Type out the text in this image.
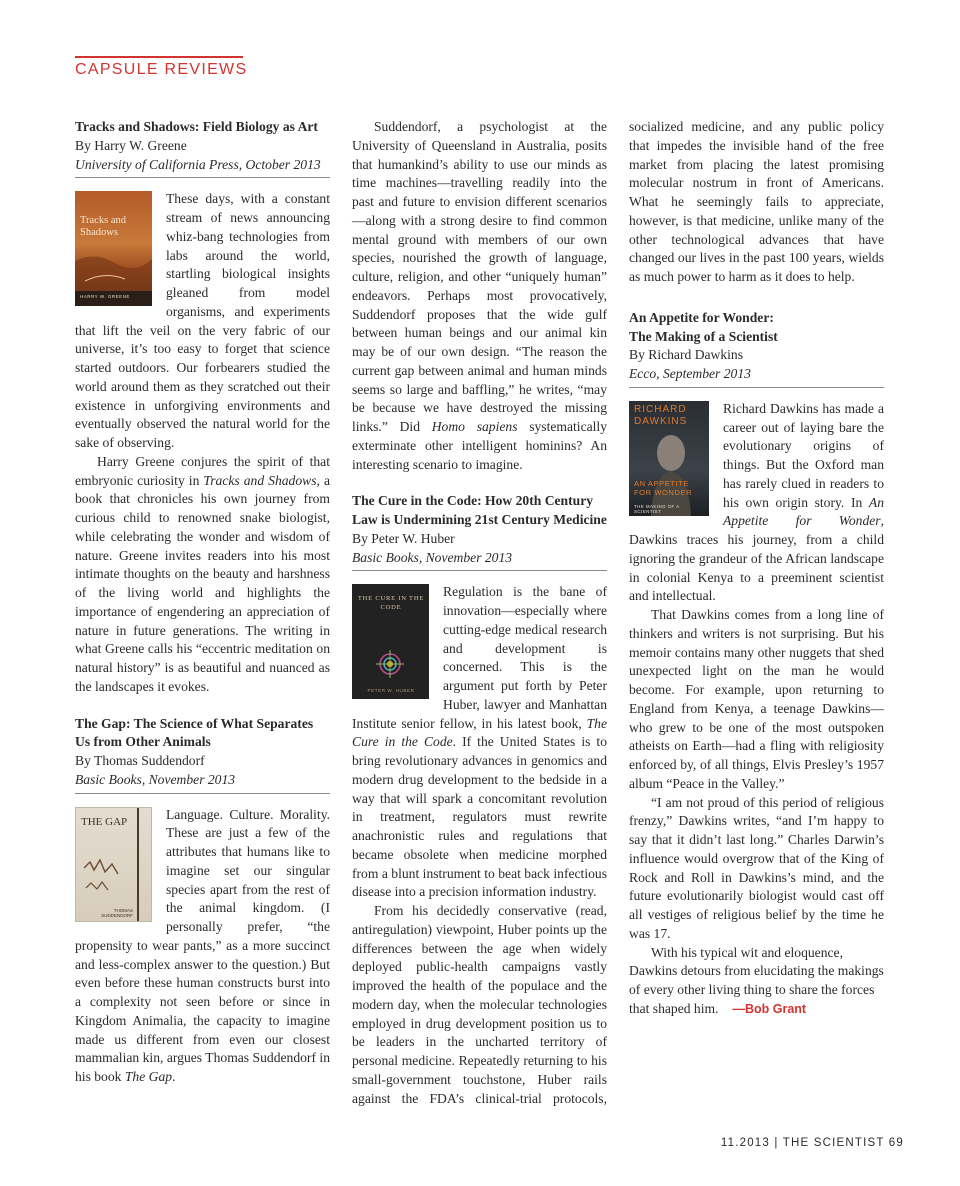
CAPSULE REVIEWS
Tracks and Shadows: Field Biology as Art
By Harry W. Greene
University of California Press, October 2013
Tracks and Shadows
HARRY W. GREENE

These days, with a constant stream of news announcing whiz-bang technologies from labs around the world, startling biological insights gleaned from model organisms, and experiments that lift the veil on the very fabric of our universe, it’s too easy to forget that science started outdoors. Our forbearers studied the world around them as they scratched out their existence in unforgiving environments and eventually observed the natural world for the sake of observing.

Harry Greene conjures the spirit of that embryonic curiosity in Tracks and Shadows, a book that chronicles his own journey from curious child to renowned snake biologist, while celebrating the wonder and wisdom of nature. Greene invites readers into his most intimate thoughts on the beauty and harshness of the living world and highlights the importance of engendering an appreciation of nature in future generations. The writing in what Greene calls his “eccentric meditation on natural history” is as beautiful and nuanced as the landscapes it evokes.

The Gap: The Science of What Separates Us from Other Animals
By Thomas Suddendorf
Basic Books, November 2013
THE GAP
THOMAS SUDDENDORF

Language. Culture. Morality. These are just a few of the attributes that humans like to imagine set our singular species apart from the rest of the animal kingdom. (I personally prefer, “the propensity to wear pants,” as a more succinct and less-complex answer to the question.) But even before these human constructs burst into a complexity not seen before or since in Kingdom Animalia, the capacity to imagine made us different from even our closest mammalian kin, argues Thomas Suddendorf in his book The Gap.

Suddendorf, a psychologist at the University of Queensland in Australia, posits that humankind’s ability to use our minds as time machines—travelling readily into the past and future to envision different scenarios—along with a strong desire to find common mental ground with members of our own species, nourished the growth of language, culture, religion, and other “uniquely human” endeavors. Perhaps most provocatively, Suddendorf proposes that the wide gulf between human beings and our animal kin may be of our own design. “The reason the current gap between animal and human minds seems so large and baffling,” he writes, “may be because we have destroyed the missing links.” Did Homo sapiens systematically exterminate other intelligent hominins? An interesting scenario to imagine.

The Cure in the Code: How 20th Century Law is Undermining 21st Century Medicine
By Peter W. Huber
Basic Books, November 2013
THE CURE IN THE CODE
PETER W. HUBER

Regulation is the bane of innovation—especially where cutting-edge medical research and development is concerned. This is the argument put forth by Peter Huber, lawyer and Manhattan Institute senior fellow, in his latest book, The Cure in the Code. If the United States is to bring revolutionary advances in genomics and modern drug development to the bedside in a way that will spark a concomitant revolution in treatment, regulators must rewrite anachronistic rules and regulations that became obsolete when medicine morphed from a blunt instrument to beat back infectious disease into a precision information industry.

From his decidedly conservative (read, antiregulation) viewpoint, Huber points up the differences between the age when widely deployed public-health campaigns vastly improved the health of the populace and the modern day, when the molecular technologies employed in drug development position us to be leaders in the uncharted territory of personal medicine. Repeatedly returning to his small-government touchstone, Huber rails against the FDA’s clinical-trial protocols,

An Appetite for Wonder:
The Making of a Scientist
By Richard Dawkins
Ecco, September 2013
RICHARD
DAWKINS
AN APPETITE FOR WONDER
THE MAKING OF A SCIENTIST

Richard Dawkins has made a career out of laying bare the evolutionary origins of things. But the Oxford man has rarely clued in readers to his own origin story. In An Appetite for Wonder, Dawkins traces his journey, from a child ignoring the grandeur of the African landscape in colonial Kenya to a preeminent scientist and intellectual.

That Dawkins comes from a long line of thinkers and writers is not surprising. But his memoir contains many other nuggets that shed unexpected light on the man he would become. For example, upon returning to England from Kenya, a teenage Dawkins—who grew to be one of the most outspoken atheists on Earth—had a fling with religiosity enforced by, of all things, Elvis Presley’s 1957 album “Peace in the Valley.”

“I am not proud of this period of religious frenzy,” Dawkins writes, “and I’m happy to say that it didn’t last long.” Charles Darwin’s influence would overgrow that of the King of Rock and Roll in Dawkins’s mind, and the future evolutionarily biologist would cast off all vestiges of religious belief by the time he was 17.

With his typical wit and eloquence, Dawkins detours from elucidating the makings of every other living thing to share the forces that shaped him. —Bob Grant

11.2013 | THE SCIENTIST 69

socialized medicine, and any public policy that impedes the invisible hand of the free market from placing the latest promising molecular nostrum in front of Americans. What he seemingly fails to appreciate, however, is that medicine, unlike many of the other technological advances that have changed our lives in the past 100 years, wields as much power to harm as it does to help.
